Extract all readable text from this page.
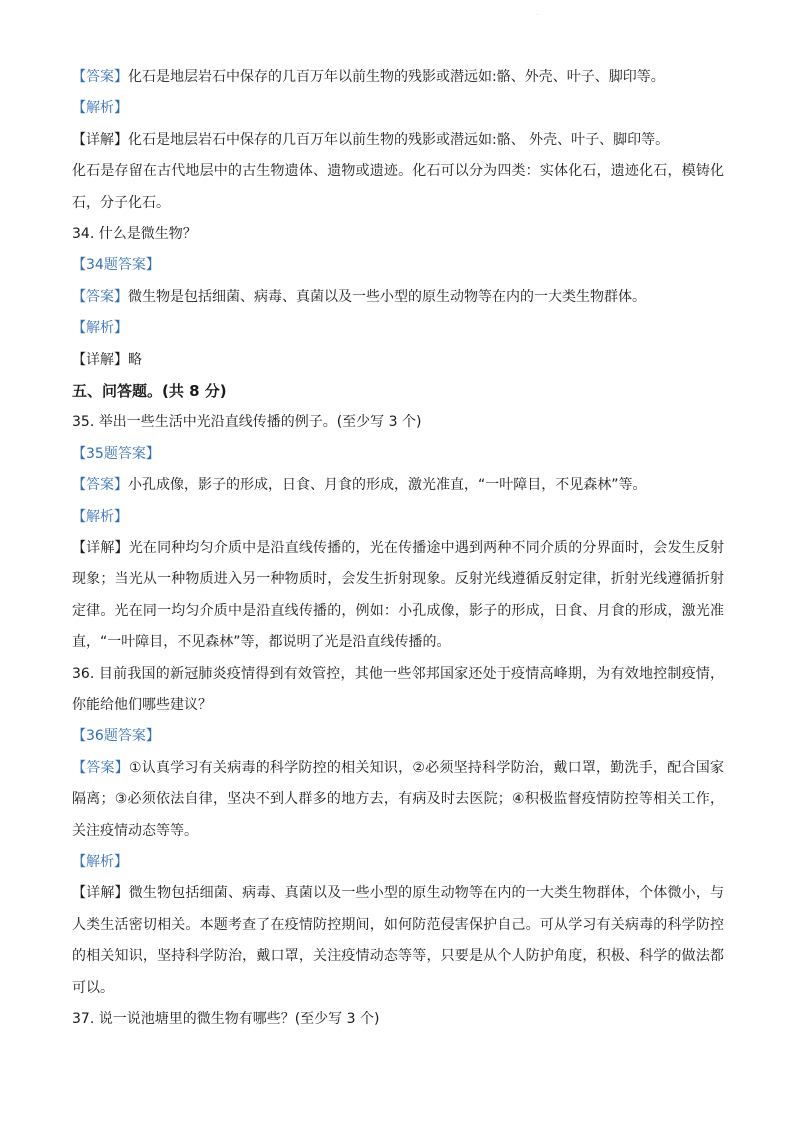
.
【答案】化石是地层岩石中保存的几百万年以前生物的残影或潜远如:骼、外壳、叶子、脚印等。
【解析】
【详解】化石是地层岩石中保存的几百万年以前生物的残影或潜远如:骼、 外壳、叶子、脚印等。
化石是存留在古代地层中的古生物遗体、遗物或遗迹。化石可以分为四类：实体化石，遗迹化石，模铸化石，分子化石。
34. 什么是微生物？
【34题答案】
【答案】微生物是包括细菌、病毒、真菌以及一些小型的原生动物等在内的一大类生物群体。
【解析】
【详解】略
五、问答题。(共 8 分)
35. 举出一些生活中光沿直线传播的例子。(至少写 3 个)
【35题答案】
【答案】小孔成像，影子的形成，日食、月食的形成，激光准直，“一叶障目，不见森林”等。
【解析】
【详解】光在同种均匀介质中是沿直线传播的，光在传播途中遇到两种不同介质的分界面时，会发生反射现象；当光从一种物质进入另一种物质时，会发生折射现象。反射光线遵循反射定律，折射光线遵循折射定律。光在同一均匀介质中是沿直线传播的，例如：小孔成像，影子的形成，日食、月食的形成，激光准直，“一叶障目，不见森林”等，都说明了光是沿直线传播的。
36. 目前我国的新冠肺炎疫情得到有效管控，其他一些邻邦国家还处于疫情高峰期，为有效地控制疫情，你能给他们哪些建议？
【36题答案】
【答案】①认真学习有关病毒的科学防控的相关知识，②必须坚持科学防治，戴口罩，勤洗手，配合国家隔离；③必须依法自律，坚决不到人群多的地方去，有病及时去医院；④积极监督疫情防控等相关工作，关注疫情动态等等。
【解析】
【详解】微生物包括细菌、病毒、真菌以及一些小型的原生动物等在内的一大类生物群体，个体微小，与人类生活密切相关。本题考查了在疫情防控期间，如何防范侵害保护自己。可从学习有关病毒的科学防控的相关知识，坚持科学防治，戴口罩，关注疫情动态等等，只要是从个人防护角度，积极、科学的做法都可以。
37. 说一说池塘里的微生物有哪些？(至少写 3 个)
